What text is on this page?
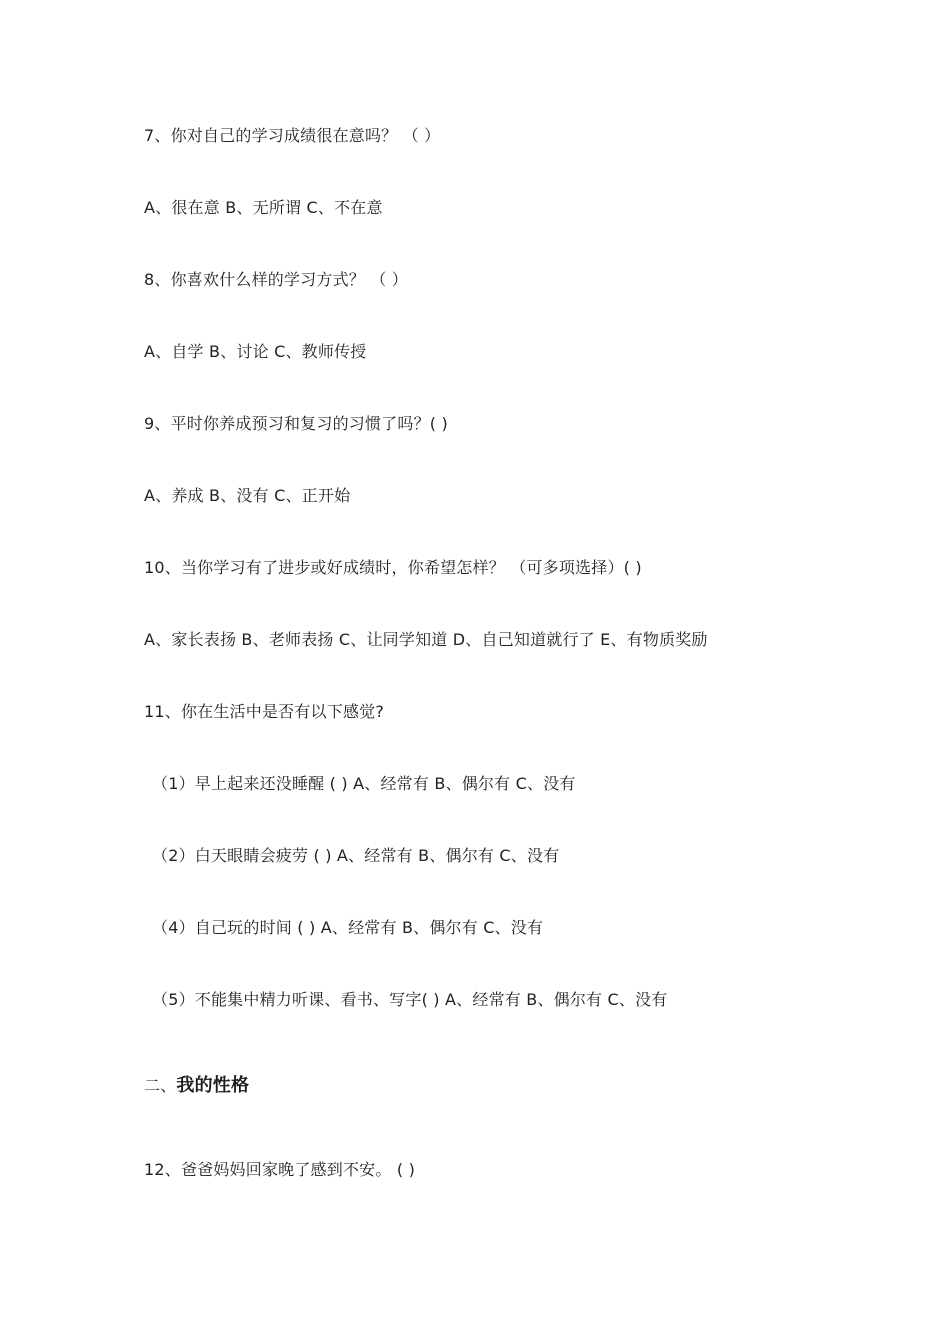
7、你对自己的学习成绩很在意吗？ （ ）
A、很在意 B、无所谓 C、不在意
8、你喜欢什么样的学习方式？ （ ）
A、自学 B、讨论 C、教师传授
9、平时你养成预习和复习的习惯了吗？( )
A、养成 B、没有 C、正开始
10、当你学习有了进步或好成绩时，你希望怎样？ （可多项选择）( )
A、家长表扬 B、老师表扬 C、让同学知道 D、自己知道就行了 E、有物质奖励
11、你在生活中是否有以下感觉?
（1）早上起来还没睡醒 ( ) A、经常有 B、偶尔有 C、没有
（2）白天眼睛会疲劳 ( ) A、经常有 B、偶尔有 C、没有
（4）自己玩的时间 ( ) A、经常有 B、偶尔有 C、没有
（5）不能集中精力听课、看书、写字( ) A、经常有 B、偶尔有 C、没有
二、我的性格
12、爸爸妈妈回家晚了感到不安。 ( )
